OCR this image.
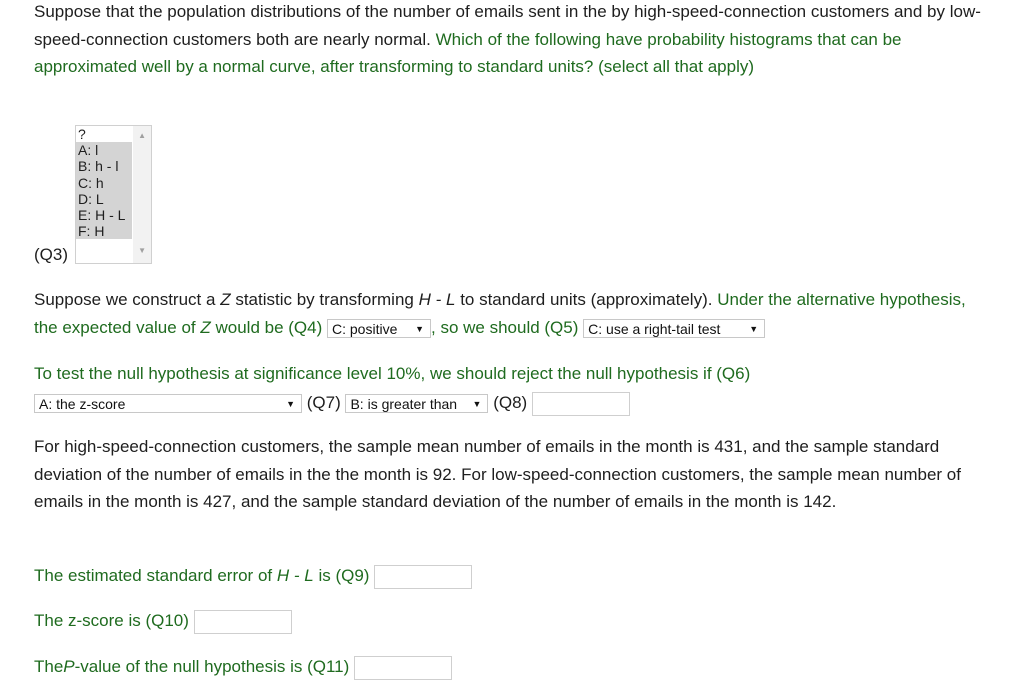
Suppose that the population distributions of the number of emails sent in the by high-speed-connection customers and by low-speed-connection customers both are nearly normal. Which of the following have probability histograms that can be approximated well by a normal curve, after transforming to standard units? (select all that apply)

(Q3)
?
A: l
B: h - l
C: h
D: L
E: H - L
F: H
▲
▼

Suppose we construct a Z statistic by transforming H - L to standard units (approximately). Under the alternative hypothesis, the expected value of Z would be (Q4) C: positive ▼ , so we should (Q5) C: use a right-tail test	▼

To test the null hypothesis at significance level 10%, we should reject the null hypothesis if (Q6)

A: the z-score	▼ (Q7) B: is greater than ▼ (Q8)

For high-speed-connection customers, the sample mean number of emails in the month is 431, and the sample standard deviation of the number of emails in the the month is 92. For low-speed-connection customers, the sample mean number of emails in the month is 427, and the sample standard deviation of the number of emails in the month is 142.

The estimated standard error of H - L is (Q9)
The z-score is (Q10)
TheP-value of the null hypothesis is (Q11)
